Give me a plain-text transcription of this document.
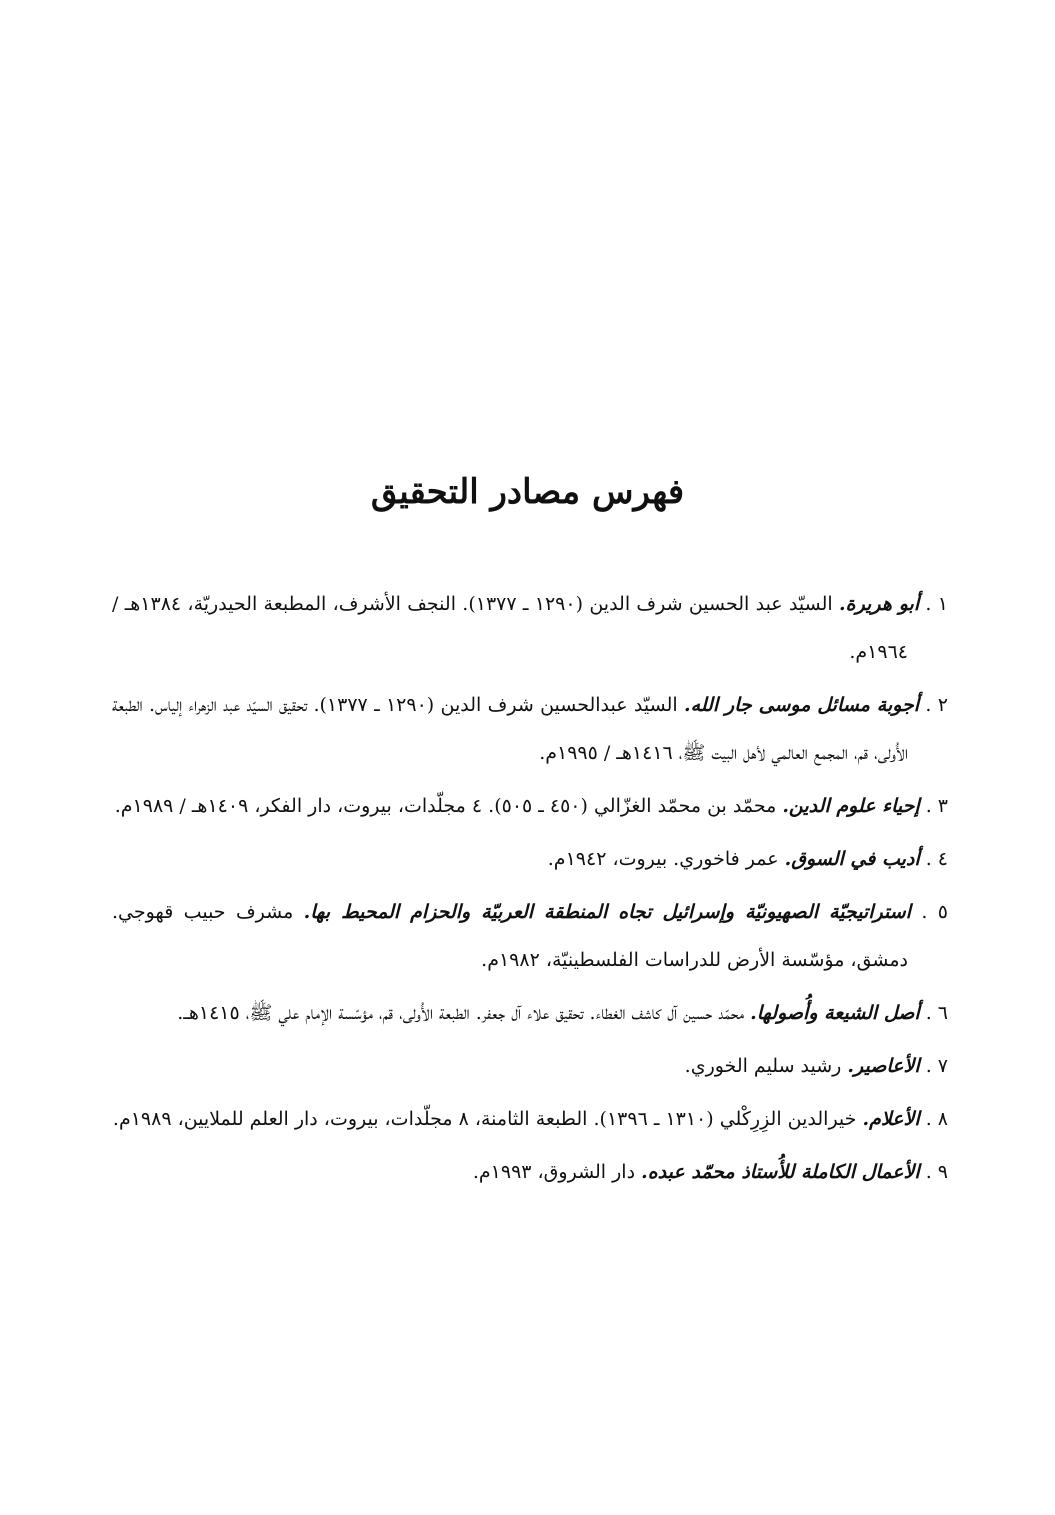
فهرس مصادر التحقيق

١ . أبو هريرة. السيّد عبد الحسين شرف الدين (١٢٩٠ ـ ١٣٧٧). النجف الأشرف، المطبعة الحيدريّة، ١٣٨٤هـ / ١٩٦٤م.

٢ . أجوبة مسائل موسى جار الله. السيّد عبدالحسين شرف الدين (١٢٩٠ ـ ١٣٧٧). تحقيق السيّد عبد الزهراء إلياس. الطبعة الأُولى، قم، المجمع العالمي لأهل البيت ﷺ، ١٤١٦هـ / ١٩٩٥م.

٣ . إحياء علوم الدين. محمّد بن محمّد الغزّالي (٤٥٠ ـ ٥٠٥). ٤ مجلّدات، بيروت، دار الفكر، ١٤٠٩هـ / ١٩٨٩م.

٤ . أديب في السوق. عمر فاخوري. بيروت، ١٩٤٢م.

٥ . استراتيجيّة الصهيونيّة وإسرائيل تجاه المنطقة العربيّة والحزام المحيط بها. مشرف حبيب قهوجي. دمشق، مؤسّسة الأرض للدراسات الفلسطينيّة، ١٩٨٢م.

٦ . أصل الشيعة وأُصولها. محمّد حسين آل كاشف الغطاء. تحقيق علاء آل جعفر. الطبعة الأُولى، قم، مؤسّسة الإمام علي ﷺ، ١٤١٥هـ.

٧ . الأعاصير. رشيد سليم الخوري.

٨ . الأعلام. خيرالدين الزِرِكْلي (١٣١٠ ـ ١٣٩٦). الطبعة الثامنة، ٨ مجلّدات، بيروت، دار العلم للملايين، ١٩٨٩م.

٩ . الأعمال الكاملة للأُستاذ محمّد عبده. دار الشروق، ١٩٩٣م.
